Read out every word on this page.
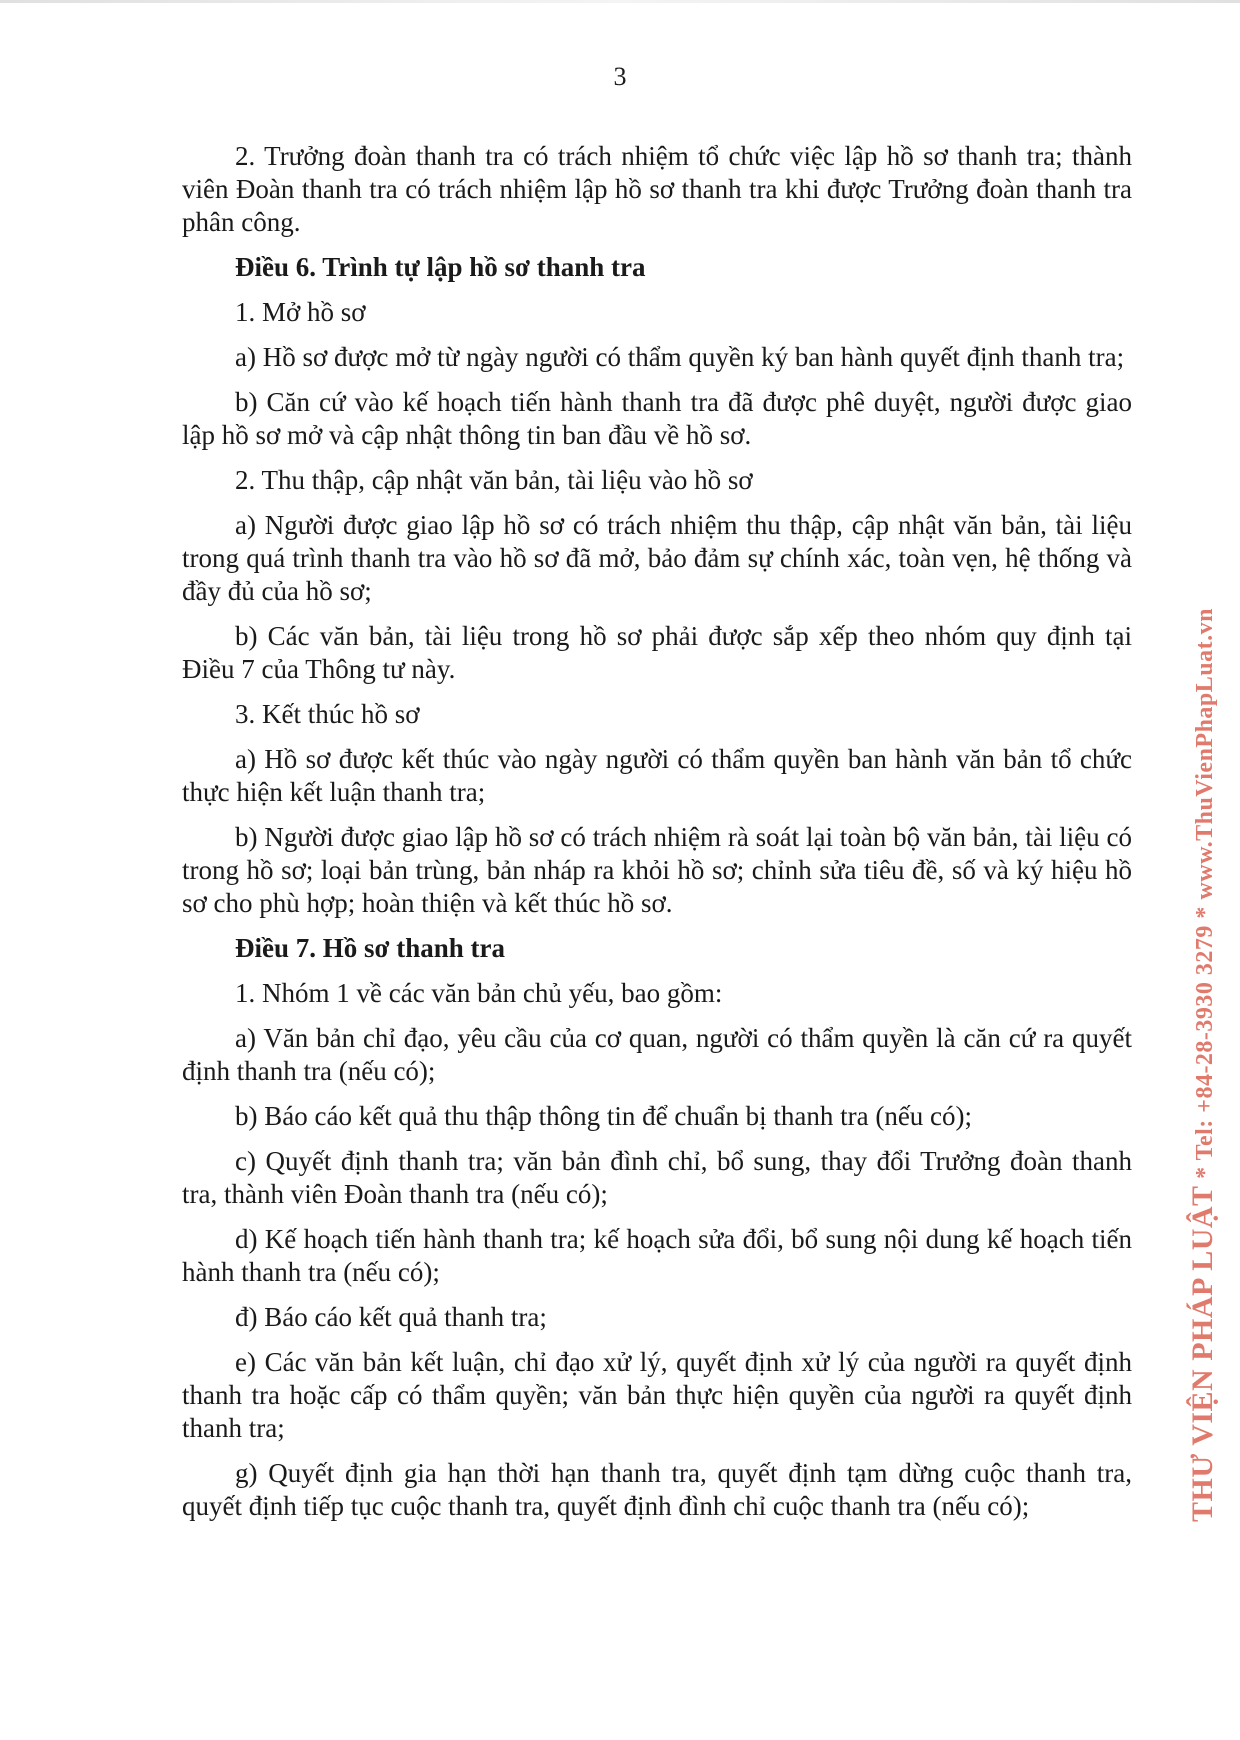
3

2. Trưởng đoàn thanh tra có trách nhiệm tổ chức việc lập hồ sơ thanh tra; thành viên Đoàn thanh tra có trách nhiệm lập hồ sơ thanh tra khi được Trưởng đoàn thanh tra phân công.

Điều 6. Trình tự lập hồ sơ thanh tra

1. Mở hồ sơ

a) Hồ sơ được mở từ ngày người có thẩm quyền ký ban hành quyết định thanh tra;

b) Căn cứ vào kế hoạch tiến hành thanh tra đã được phê duyệt, người được giao lập hồ sơ mở và cập nhật thông tin ban đầu về hồ sơ.

2. Thu thập, cập nhật văn bản, tài liệu vào hồ sơ

a) Người được giao lập hồ sơ có trách nhiệm thu thập, cập nhật văn bản, tài liệu trong quá trình thanh tra vào hồ sơ đã mở, bảo đảm sự chính xác, toàn vẹn, hệ thống và đầy đủ của hồ sơ;

b) Các văn bản, tài liệu trong hồ sơ phải được sắp xếp theo nhóm quy định tại Điều 7 của Thông tư này.

3. Kết thúc hồ sơ

a) Hồ sơ được kết thúc vào ngày người có thẩm quyền ban hành văn bản tổ chức thực hiện kết luận thanh tra;

b) Người được giao lập hồ sơ có trách nhiệm rà soát lại toàn bộ văn bản, tài liệu có trong hồ sơ; loại bản trùng, bản nháp ra khỏi hồ sơ; chỉnh sửa tiêu đề, số và ký hiệu hồ sơ cho phù hợp; hoàn thiện và kết thúc hồ sơ.

Điều 7. Hồ sơ thanh tra

1. Nhóm 1 về các văn bản chủ yếu, bao gồm:

a) Văn bản chỉ đạo, yêu cầu của cơ quan, người có thẩm quyền là căn cứ ra quyết định thanh tra (nếu có);

b) Báo cáo kết quả thu thập thông tin để chuẩn bị thanh tra (nếu có);

c) Quyết định thanh tra; văn bản đình chỉ, bổ sung, thay đổi Trưởng đoàn thanh tra, thành viên Đoàn thanh tra (nếu có);

d) Kế hoạch tiến hành thanh tra; kế hoạch sửa đổi, bổ sung nội dung kế hoạch tiến hành thanh tra (nếu có);

đ) Báo cáo kết quả thanh tra;

e) Các văn bản kết luận, chỉ đạo xử lý, quyết định xử lý của người ra quyết định thanh tra hoặc cấp có thẩm quyền; văn bản thực hiện quyền của người ra quyết định thanh tra;

g) Quyết định gia hạn thời hạn thanh tra, quyết định tạm dừng cuộc thanh tra, quyết định tiếp tục cuộc thanh tra, quyết định đình chỉ cuộc thanh tra (nếu có);	THƯ VIỆN PHÁP LUẬT * Tel: +84-28-3930 3279 * www.ThuVienPhapLuat.vn
